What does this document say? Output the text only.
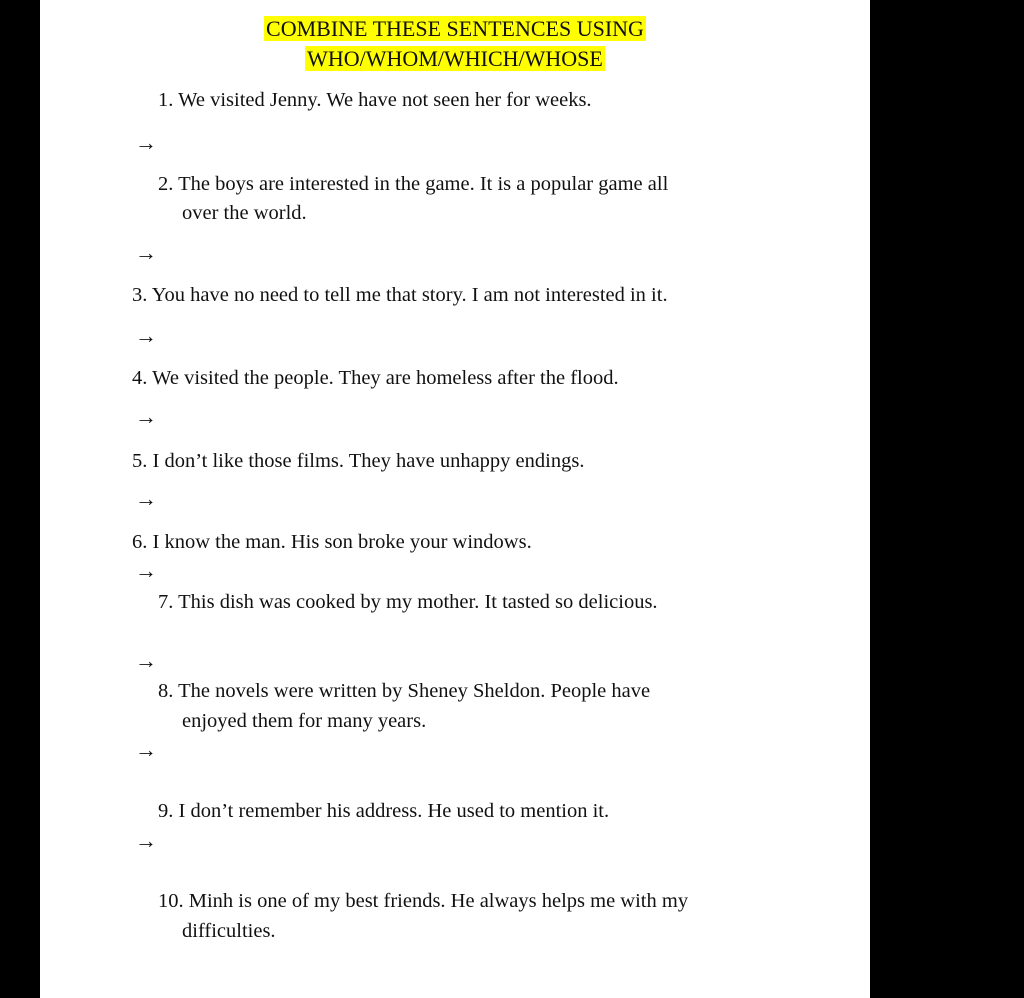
COMBINE THESE SENTENCES USING
WHO/WHOM/WHICH/WHOSE
1. We visited Jenny. We have not seen her for weeks.
→
2. The boys are interested in the game. It is a popular game all
over the world.
→
3. You have no need to tell me that story. I am not interested in it.
→
4. We visited the people. They are homeless after the flood.
→
5. I don’t like those films. They have unhappy endings.
→
6. I know the man. His son broke your windows.
→
7. This dish was cooked by my mother. It tasted so delicious.
→
8. The novels were written by Sheney Sheldon. People have
enjoyed them for many years.
→
9. I don’t remember his address. He used to mention it.
→
10. Minh is one of my best friends. He always helps me with my
difficulties.
